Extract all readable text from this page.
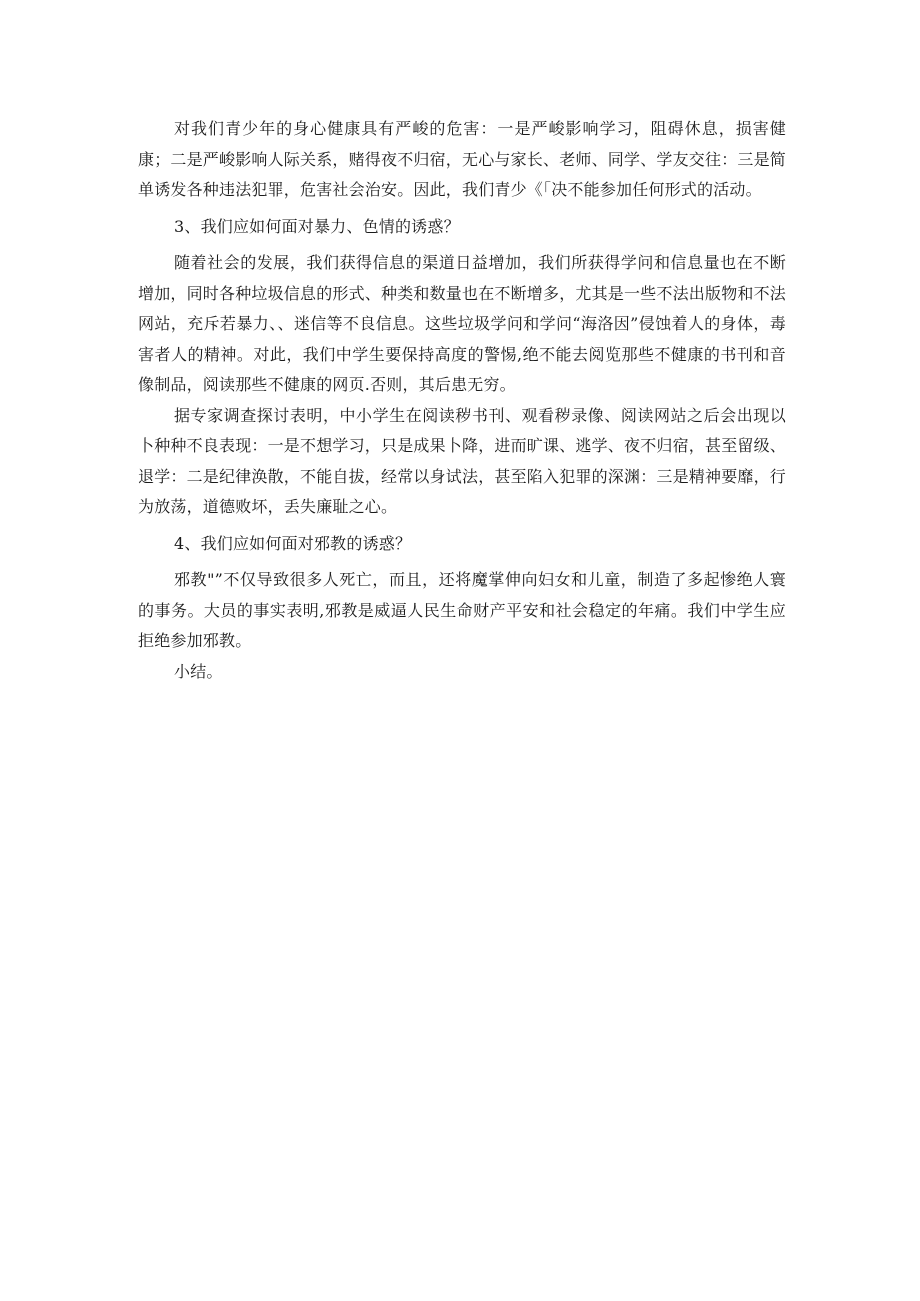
对我们青少年的身心健康具有严峻的危害：一是严峻影响学习，阻碍休息，损害健康；二是严峻影响人际关系，赌得夜不归宿，无心与家长、老师、同学、学友交往：三是简单诱发各种违法犯罪，危害社会治安。因此，我们青少《「决不能参加任何形式的活动。

3、我们应如何面对暴力、色情的诱惑？

随着社会的发展，我们获得信息的渠道日益增加，我们所获得学问和信息量也在不断增加，同时各种垃圾信息的形式、种类和数量也在不断增多，尤其是一些不法出版物和不法网站，充斥若暴力、、迷信等不良信息。这些垃圾学问和学问“海洛因”侵蚀着人的身体，毒害者人的精神。对此，我们中学生要保持高度的警惕,绝不能去阅览那些不健康的书刊和音像制品，阅读那些不健康的网页.否则，其后患无穷。

据专家调查探讨表明，中小学生在阅读秽书刊、观看秽录像、阅读网站之后会出现以卜种种不良表现：一是不想学习，只是成果卜降，进而旷课、逃学、夜不归宿，甚至留级、退学：二是纪律涣散，不能自拔，经常以身试法，甚至陷入犯罪的深渊：三是精神要靡，行为放荡，道德败坏，丢失廉耻之心。

4、我们应如何面对邪教的诱惑？

邪教"”不仅导致很多人死亡，而且，还将魔掌伸向妇女和儿童，制造了多起惨绝人寰的事务。大员的事实表明,邪教是威逼人民生命财产平安和社会稳定的年痛。我们中学生应拒绝参加邪教。

小结。
